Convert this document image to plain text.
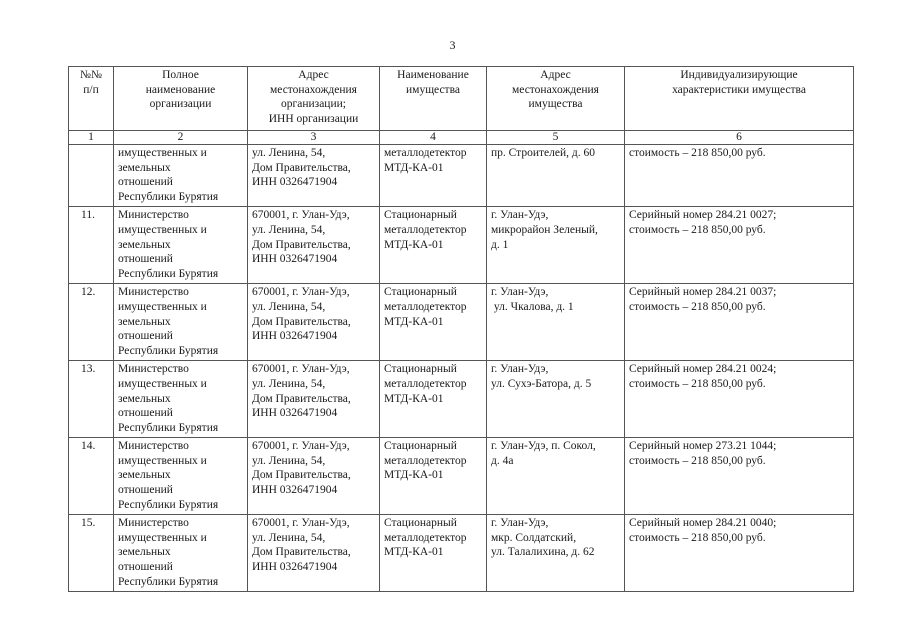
3
№№
п/п	Полное
наименование
организации	Адрес
местонахождения
организации;
ИНН организации	Наименование
имущества	Адрес
местонахождения
имущества	Индивидуализирующие
характеристики имущества

1	2	3	4	5	6

	имущественных и
земельных
отношений
Республики Бурятия	ул. Ленина, 54,
Дом Правительства,
ИНН 0326471904	металлодетектор
МТД-КА-01	пр. Строителей, д. 60	стоимость – 218 850,00 руб.

11.	Министерство
имущественных и
земельных
отношений
Республики Бурятия	670001, г. Улан-Удэ,
ул. Ленина, 54,
Дом Правительства,
ИНН 0326471904	Стационарный
металлодетектор
МТД-КА-01	г. Улан-Удэ,
микрорайон Зеленый,
д. 1	Серийный номер 284.21 0027;
стоимость – 218 850,00 руб.

12.	Министерство
имущественных и
земельных
отношений
Республики Бурятия	670001, г. Улан-Удэ,
ул. Ленина, 54,
Дом Правительства,
ИНН 0326471904	Стационарный
металлодетектор
МТД-КА-01	г. Улан-Удэ,
ул. Чкалова, д. 1	Серийный номер 284.21 0037;
стоимость – 218 850,00 руб.

13.	Министерство
имущественных и
земельных
отношений
Республики Бурятия	670001, г. Улан-Удэ,
ул. Ленина, 54,
Дом Правительства,
ИНН 0326471904	Стационарный
металлодетектор
МТД-КА-01	г. Улан-Удэ,
ул. Сухэ-Батора, д. 5	Серийный номер 284.21 0024;
стоимость – 218 850,00 руб.

14.	Министерство
имущественных и
земельных
отношений
Республики Бурятия	670001, г. Улан-Удэ,
ул. Ленина, 54,
Дом Правительства,
ИНН 0326471904	Стационарный
металлодетектор
МТД-КА-01	г. Улан-Удэ, п. Сокол,
д. 4а	Серийный номер 273.21 1044;
стоимость – 218 850,00 руб.

15.	Министерство
имущественных и
земельных
отношений
Республики Бурятия	670001, г. Улан-Удэ,
ул. Ленина, 54,
Дом Правительства,
ИНН 0326471904	Стационарный
металлодетектор
МТД-КА-01	г. Улан-Удэ,
мкр. Солдатский,
ул. Талалихина, д. 62	Серийный номер 284.21 0040;
стоимость – 218 850,00 руб.
